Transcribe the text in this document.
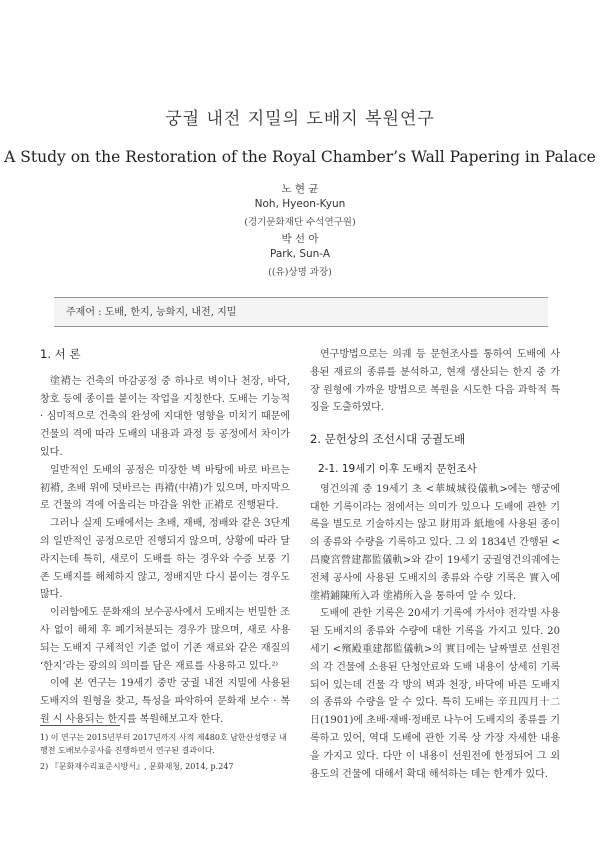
궁궐 내전 지밀의 도배지 복원연구
A Study on the Restoration of the Royal Chamber’s Wall Papering in Palace
노 현 균
Noh, Hyeon-Kyun
(경기문화재단 수석연구원)
박 선 아
Park, Sun-A
((유)상명 과장)
주제어 : 도배, 한지, 능화지, 내전, 지밀
1. 서 론

塗褙는 건축의 마감공정 중 하나로 벽이나 천장, 바닥, 창호 등에 종이를 붙이는 작업을 지칭한다. 도배는 기능적 · 심미적으로 건축의 완성에 지대한 영향을 미치기 때문에 건물의 격에 따라 도배의 내용과 과정 등 공정에서 차이가 있다.

일반적인 도배의 공정은 미장한 벽 바탕에 바로 바르는 初褙, 초배 위에 덧바르는 再褙(中褙)가 있으며, 마지막으로 건물의 격에 어울리는 마감을 위한 正褙로 진행된다.

그러나 실제 도배에서는 초배, 재배, 정배와 같은 3단계의 일반적인 공정으로만 진행되지 않으며, 상황에 따라 달라지는데 특히, 새로이 도배를 하는 경우와 수증 보풍 기존 도배지를 해체하지 않고, 정배지만 다시 붙이는 경우도 많다.

이러함에도 문화재의 보수공사에서 도배지는 번밀한 조사 없이 해체 후 폐기처분되는 경우가 많으며, 새로 사용되는 도배지 구체적인 기준 없이 기존 재료와 같은 재질의 ‘한지’라는 광의의 의미를 담은 재료를 사용하고 있다.²⁾

이에 본 연구는 19세기 중반 궁궐 내전 지밀에 사용된 도배지의 원형을 찾고, 특성을 파악하여 문화재 보수 · 복원 시 사용되는 한지를 복원해보고자 한다.

1) 이 연구는 2015년부터 2017년까지 사적 제480호 남한산성행궁 내행전 도배보수공사를 진행하면서 연구된 결과이다.
2) 『문화재수리표준시방서』, 문화재청, 2014, p.247

연구방법으로는 의궤 등 문헌조사를 통하여 도배에 사용된 재료의 종류를 분석하고, 현재 생산되는 한지 중 가장 원형에 가까운 방법으로 복원을 시도한 다음 과학적 특징을 도출하였다.

2. 문헌상의 조선시대 궁궐도배
2-1. 19세기 이후 도배지 문헌조사

영건의궤 중 19세기 초 <華城城役儀軌>에는 행궁에 대한 기록이라는 점에서는 의미가 있으나 도배에 관한 기록을 별도로 기술하지는 않고 財用과 紙地에 사용된 종이의 종류와 수량을 기록하고 있다. 그 외 1834년 간행된 <昌慶宮營建都監儀軌>와 같이 19세기 궁궐영건의궤에는 전체 공사에 사용된 도배지의 종류와 수량 기록은 實入에 塗褙鋪陳所入과 塗褙所入을 통하여 알 수 있다.

도배에 관한 기록은 20세기 기록에 가서야 전각별 사용된 도배지의 종류와 수량에 대한 기록을 가지고 있다. 20세기 <殯殿重建都監儀軌>의 實目에는 날짜별로 선원전의 각 건물에 소용된 단청안료와 도배 내용이 상세히 기록되어 있는데 건물 각 방의 벽과 천장, 바닥에 바른 도배지의 종류와 수량을 알 수 있다. 특히 도배는 辛丑四月十二日(1901)에 초배·재배·정배로 나누어 도배지의 종류를 기록하고 있어, 역대 도배에 관한 기록 상 가장 자세한 내용을 가지고 있다. 다만 이 내용이 선원전에 한정되어 그 외 용도의 건물에 대해서 확대 해석하는 데는 한계가 있다.
